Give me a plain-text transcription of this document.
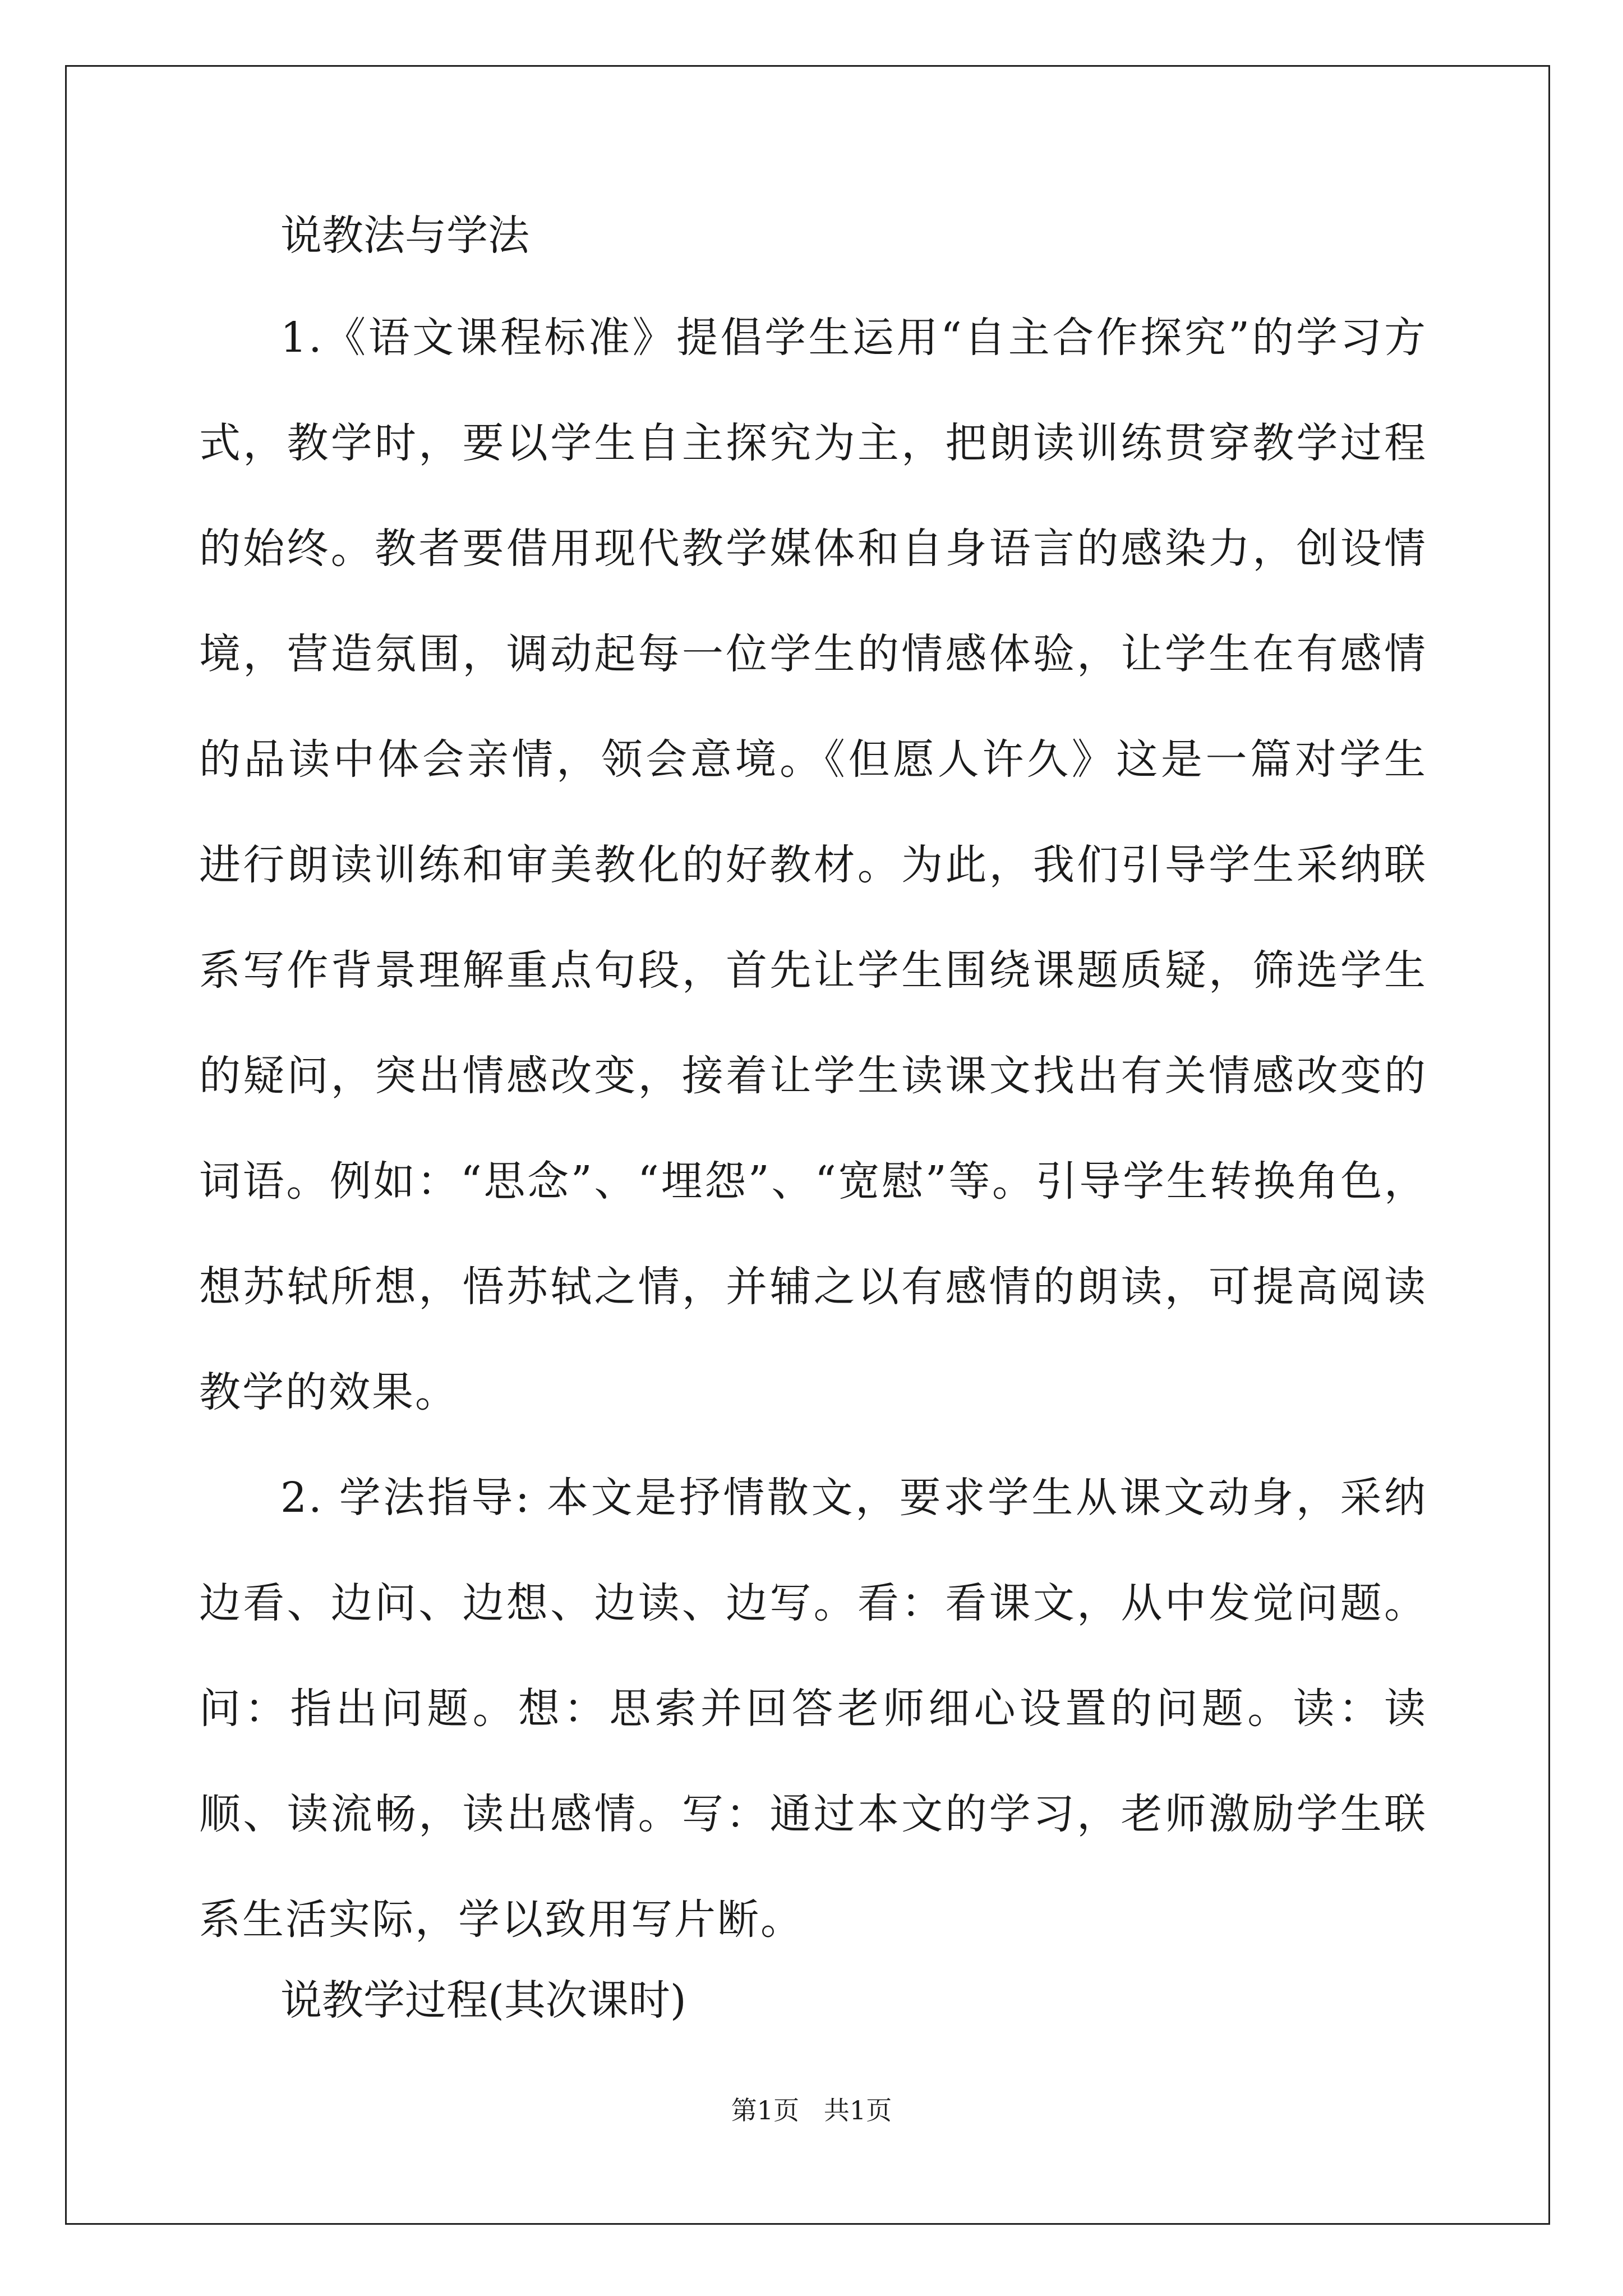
说教法与学法

1.《语文课程标准》提倡学生运用“自主合作探究”的学习方式，教学时，要以学生自主探究为主，把朗读训练贯穿教学过程的始终。教者要借用现代教学媒体和自身语言的感染力，创设情境，营造氛围，调动起每一位学生的情感体验，让学生在有感情的品读中体会亲情，领会意境。《但愿人许久》这是一篇对学生进行朗读训练和审美教化的好教材。为此，我们引导学生采纳联系写作背景理解重点句段，首先让学生围绕课题质疑，筛选学生的疑问，突出情感改变，接着让学生读课文找出有关情感改变的词语。例如：“思念”、“埋怨”、“宽慰”等。引导学生转换角色，想苏轼所想，悟苏轼之情，并辅之以有感情的朗读，可提高阅读教学的效果。

2. 学法指导: 本文是抒情散文，要求学生从课文动身，采纳边看、边问、边想、边读、边写。看：看课文，从中发觉问题。问：指出问题。想：思索并回答老师细心设置的问题。读：读顺、读流畅，读出感情。写：通过本文的学习，老师激励学生联系生活实际，学以致用写片断。

说教学过程(其次课时)
第1页   共1页
